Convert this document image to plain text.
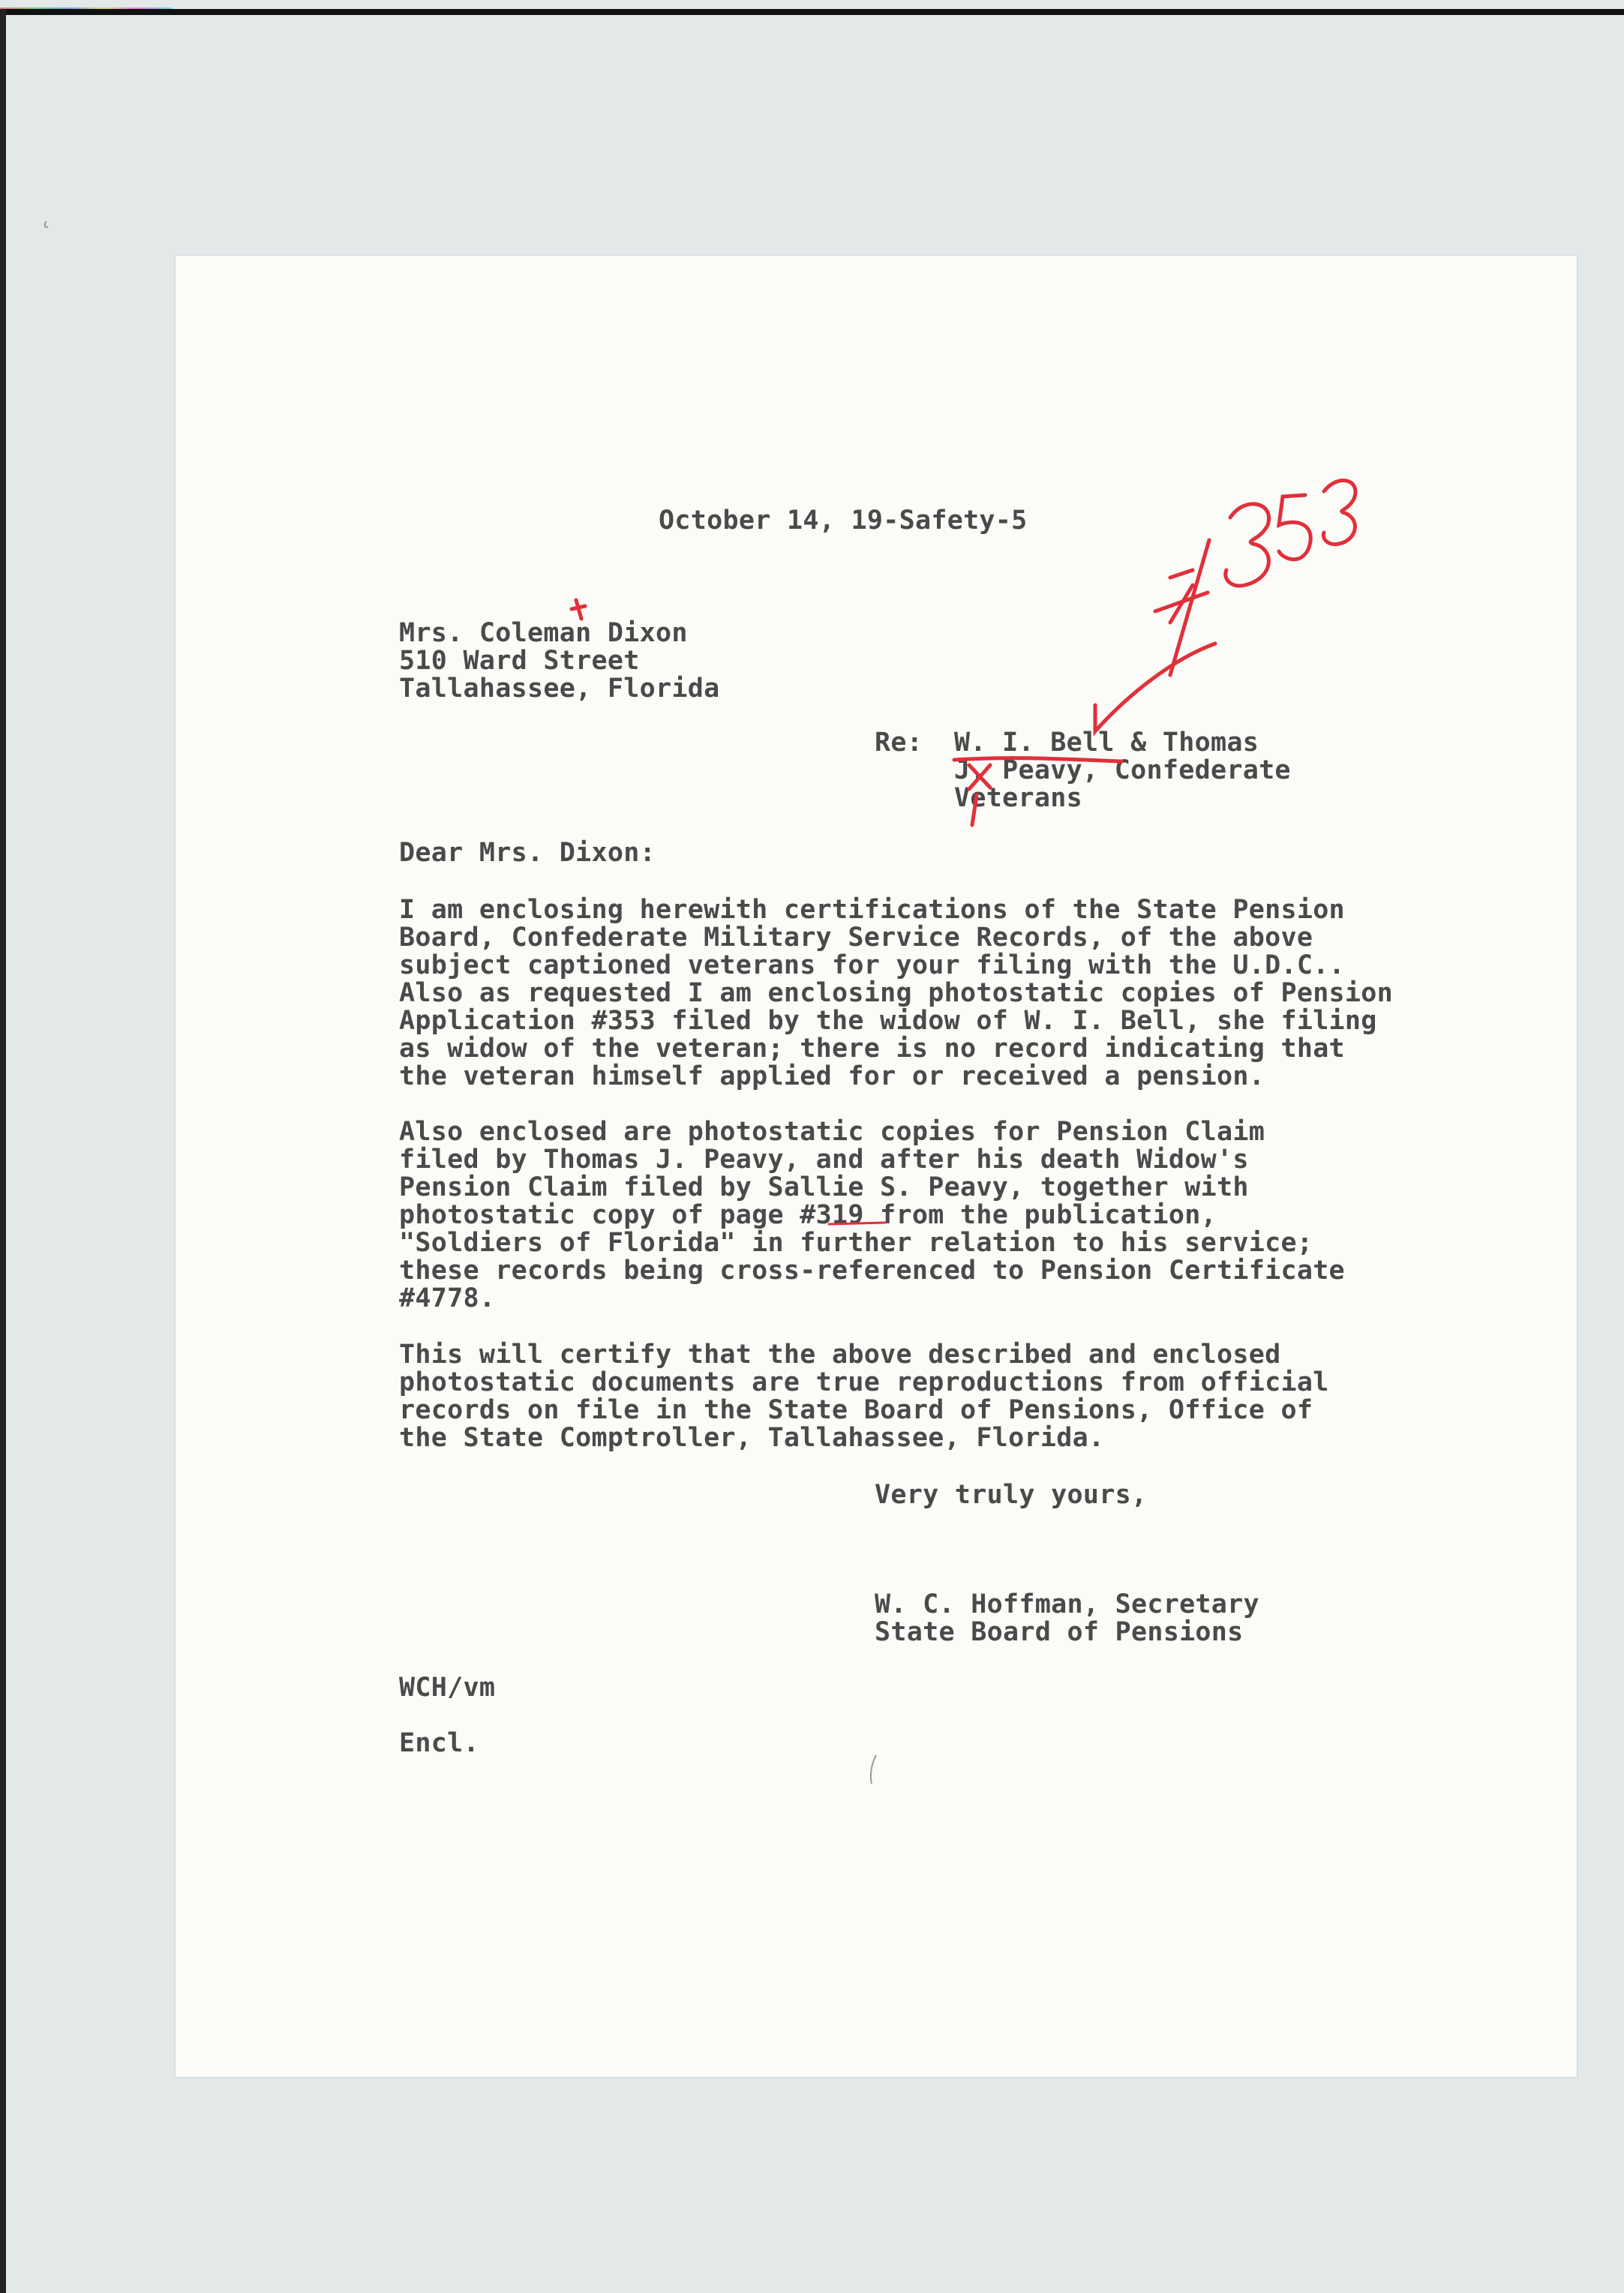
October 14, 19-Safety-5
Mrs. Coleman Dixon
510 Ward Street
Tallahassee, Florida
Re: W. I. Bell & Thomas
J. Peavy, Confederate
Veterans
Dear Mrs. Dixon:
I am enclosing herewith certifications of the State Pension
Board, Confederate Military Service Records, of the above
subject captioned veterans for your filing with the U.D.C..
Also as requested I am enclosing photostatic copies of Pension
Application #353 filed by the widow of W. I. Bell, she filing
as widow of the veteran; there is no record indicating that
the veteran himself applied for or received a pension.
Also enclosed are photostatic copies for Pension Claim
filed by Thomas J. Peavy, and after his death Widow's
Pension Claim filed by Sallie S. Peavy, together with
photostatic copy of page #319 from the publication,
"Soldiers of Florida" in further relation to his service;
these records being cross-referenced to Pension Certificate
#4778.
This will certify that the above described and enclosed
photostatic documents are true reproductions from official
records on file in the State Board of Pensions, Office of
the State Comptroller, Tallahassee, Florida.
Very truly yours,
W. C. Hoffman, Secretary
State Board of Pensions
WCH/vm
Encl.
